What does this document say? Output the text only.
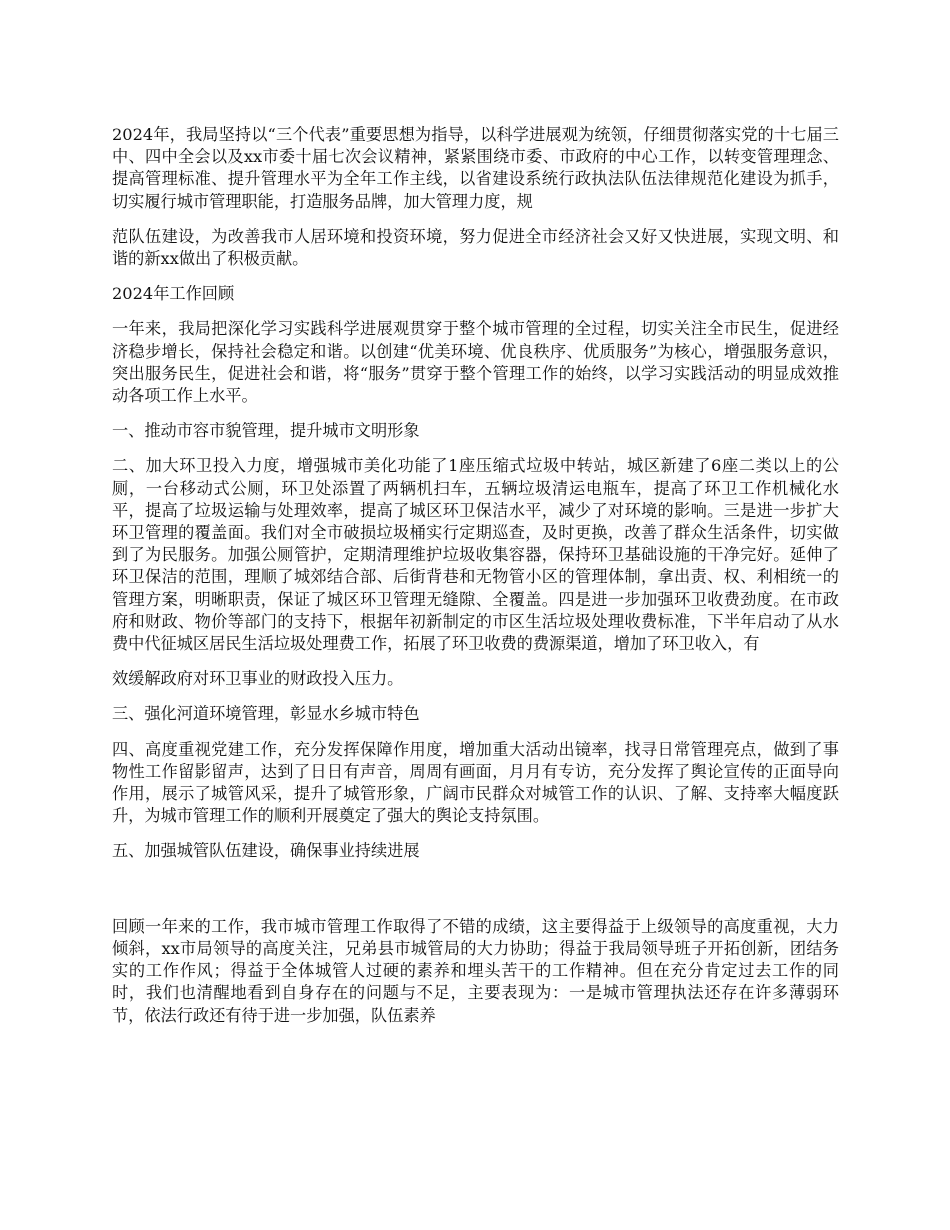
2024年，我局坚持以“三个代表”重要思想为指导，以科学进展观为统领，仔细贯彻落实党的十七届三中、四中全会以及xx市委十届七次会议精神，紧紧围绕市委、市政府的中心工作，以转变管理理念、提高管理标准、提升管理水平为全年工作主线，以省建设系统行政执法队伍法律规范化建设为抓手，切实履行城市管理职能，打造服务品牌，加大管理力度，规

范队伍建设，为改善我市人居环境和投资环境，努力促进全市经济社会又好又快进展，实现文明、和谐的新xx做出了积极贡献。

2024年工作回顾

一年来，我局把深化学习实践科学进展观贯穿于整个城市管理的全过程，切实关注全市民生，促进经济稳步增长，保持社会稳定和谐。以创建“优美环境、优良秩序、优质服务”为核心，增强服务意识，突出服务民生，促进社会和谐，将“服务”贯穿于整个管理工作的始终，以学习实践活动的明显成效推动各项工作上水平。

一、推动市容市貌管理，提升城市文明形象

二、加大环卫投入力度，增强城市美化功能了1座压缩式垃圾中转站，城区新建了6座二类以上的公厕，一台移动式公厕，环卫处添置了两辆机扫车，五辆垃圾清运电瓶车，提高了环卫工作机械化水平，提高了垃圾运输与处理效率，提高了城区环卫保洁水平，减少了对环境的影响。三是进一步扩大环卫管理的覆盖面。我们对全市破损垃圾桶实行定期巡查，及时更换，改善了群众生活条件，切实做到了为民服务。加强公厕管护，定期清理维护垃圾收集容器，保持环卫基础设施的干净完好。延伸了环卫保洁的范围，理顺了城郊结合部、后街背巷和无物管小区的管理体制，拿出责、权、利相统一的管理方案，明晰职责，保证了城区环卫管理无缝隙、全覆盖。四是进一步加强环卫收费劲度。在市政府和财政、物价等部门的支持下，根据年初新制定的市区生活垃圾处理收费标准，下半年启动了从水费中代征城区居民生活垃圾处理费工作，拓展了环卫收费的费源渠道，增加了环卫收入，有

效缓解政府对环卫事业的财政投入压力。

三、强化河道环境管理，彰显水乡城市特色

四、高度重视党建工作，充分发挥保障作用度，增加重大活动出镜率，找寻日常管理亮点，做到了事物性工作留影留声，达到了日日有声音，周周有画面，月月有专访，充分发挥了舆论宣传的正面导向作用，展示了城管风采，提升了城管形象，广阔市民群众对城管工作的认识、了解、支持率大幅度跃升，为城市管理工作的顺利开展奠定了强大的舆论支持氛围。

五、加强城管队伍建设，确保事业持续进展

回顾一年来的工作，我市城市管理工作取得了不错的成绩，这主要得益于上级领导的高度重视，大力倾斜，xx市局领导的高度关注，兄弟县市城管局的大力协助；得益于我局领导班子开拓创新，团结务实的工作作风；得益于全体城管人过硬的素养和埋头苦干的工作精神。但在充分肯定过去工作的同时，我们也清醒地看到自身存在的问题与不足，主要表现为：一是城市管理执法还存在许多薄弱环节，依法行政还有待于进一步加强，队伍素养
